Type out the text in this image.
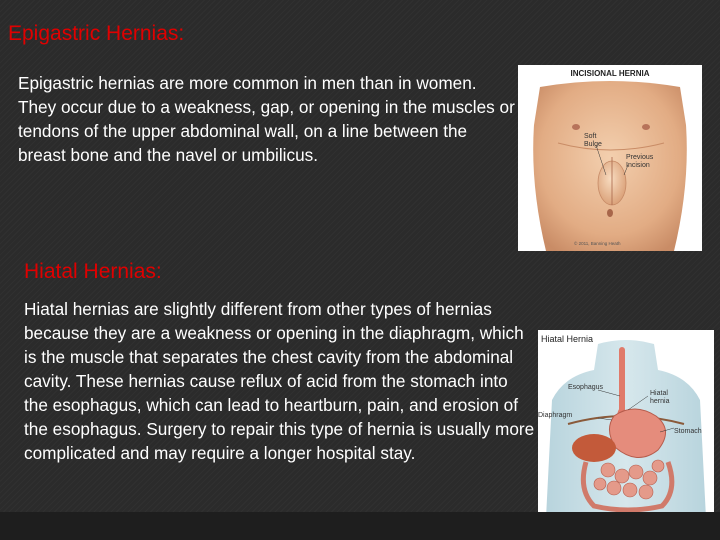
Epigastric Hernias:

Epigastric hernias are more common in men than in women. They occur due to a weakness, gap, or opening in the muscles or tendons of the upper abdominal wall, on a line between the breast bone and the navel or umbilicus.

INCISIONAL HERNIA
Soft Bulge
Previous Incision
© 2011, Banning Heath
Hiatal Hernias:

Hiatal hernias are slightly different from other types of hernias because they are a weakness or opening in the diaphragm, which is the muscle that separates the chest cavity from the abdominal cavity. These hernias cause reflux of acid from the stomach into the esophagus, which can lead to heartburn, pain, and erosion of the esophagus. Surgery to repair this type of hernia is usually more complicated and may require a longer hospital stay.

Hiatal Hernia
Esophagus
Hiatal hernia
Diaphragm
Stomach
